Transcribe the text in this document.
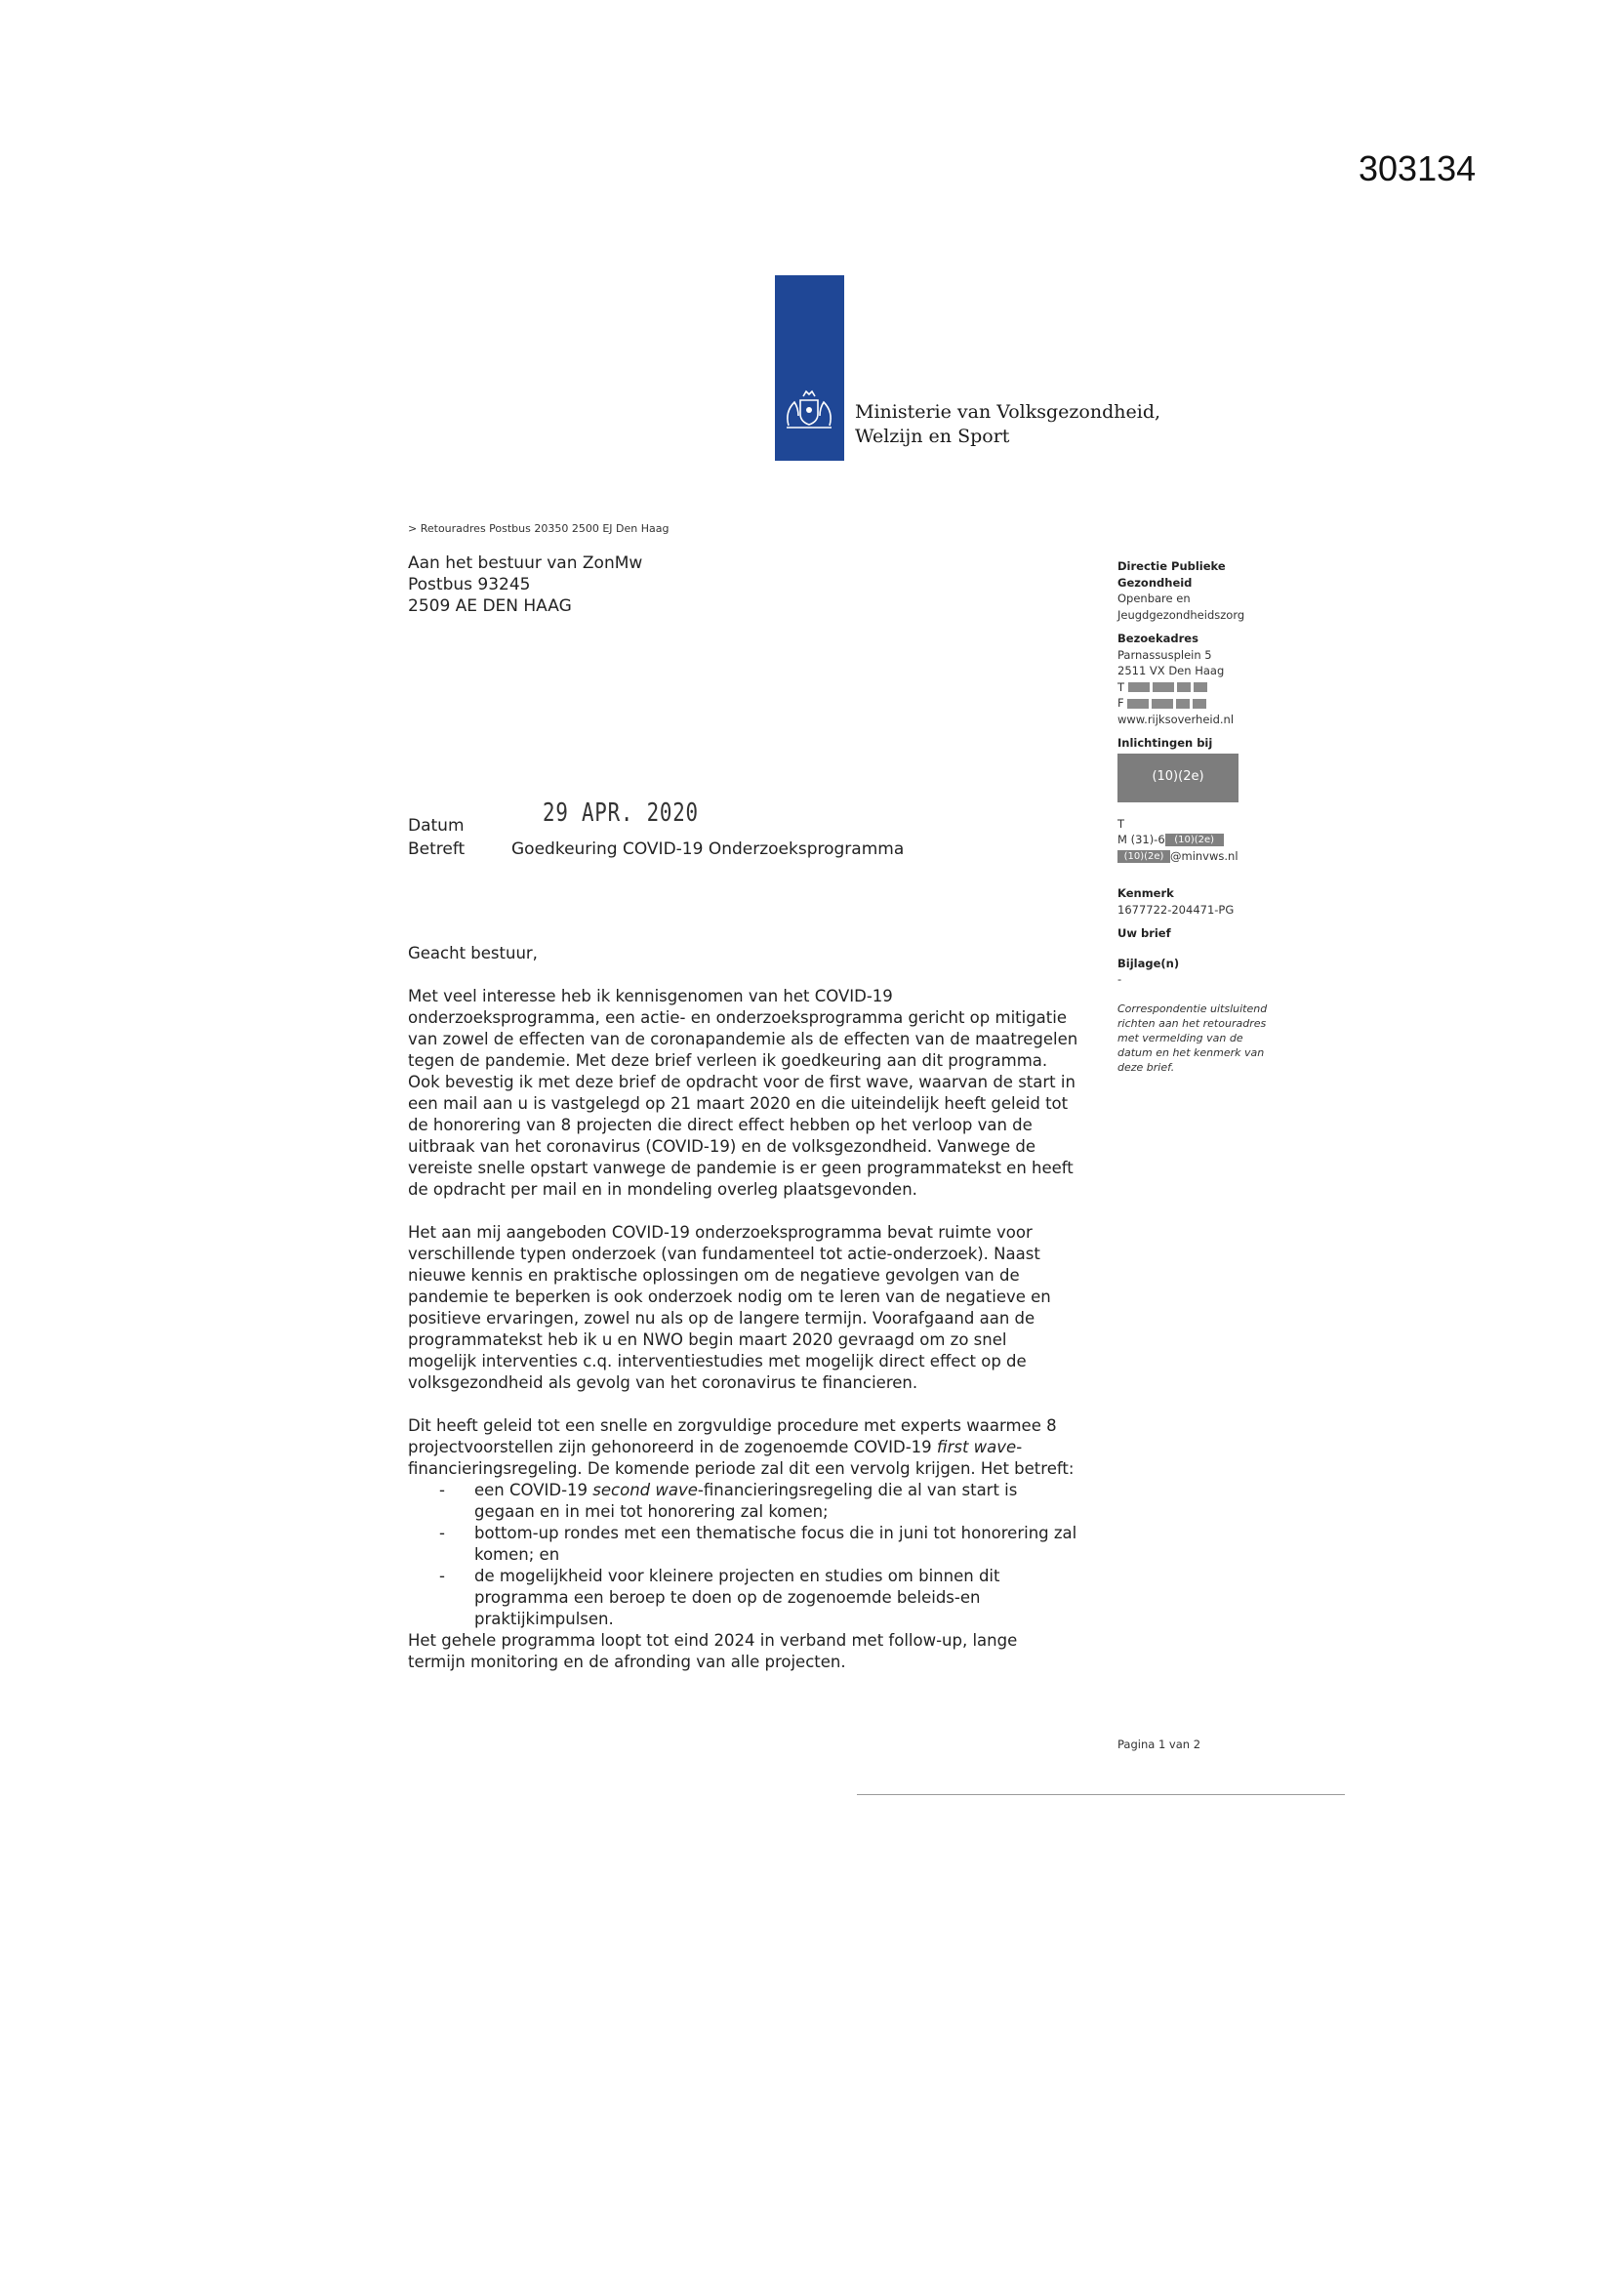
303134
Ministerie van Volksgezondheid,
Welzijn en Sport
> Retouradres Postbus 20350 2500 EJ Den Haag
Aan het bestuur van ZonMw
Postbus 93245
2509 AE DEN HAAG
Directie Publieke
Gezondheid
Openbare en
Jeugdgezondheidszorg
Bezoekadres
Parnassusplein 5
2511 VX Den Haag
T
F
www.rijksoverheid.nl
Inlichtingen bij
(10)(2e)
T
M (31)-6 (10)(2e)
(10)(2e) @minvws.nl
Kenmerk
1677722-204471-PG
Uw brief
Bijlage(n)
-
Correspondentie uitsluitend
richten aan het retouradres
met vermelding van de
datum en het kenmerk van
deze brief.
29 APR. 2020
Datum
Betreft	Goedkeuring COVID-19 Onderzoeksprogramma

Geacht bestuur,

Met veel interesse heb ik kennisgenomen van het COVID-19

onderzoeksprogramma, een actie- en onderzoeksprogramma gericht op mitigatie

van zowel de effecten van de coronapandemie als de effecten van de maatregelen

tegen de pandemie. Met deze brief verleen ik goedkeuring aan dit programma.

Ook bevestig ik met deze brief de opdracht voor de first wave, waarvan de start in

een mail aan u is vastgelegd op 21 maart 2020 en die uiteindelijk heeft geleid tot

de honorering van 8 projecten die direct effect hebben op het verloop van de

uitbraak van het coronavirus (COVID-19) en de volksgezondheid. Vanwege de

vereiste snelle opstart vanwege de pandemie is er geen programmatekst en heeft

de opdracht per mail en in mondeling overleg plaatsgevonden.

Het aan mij aangeboden COVID-19 onderzoeksprogramma bevat ruimte voor

verschillende typen onderzoek (van fundamenteel tot actie-onderzoek). Naast

nieuwe kennis en praktische oplossingen om de negatieve gevolgen van de

pandemie te beperken is ook onderzoek nodig om te leren van de negatieve en

positieve ervaringen, zowel nu als op de langere termijn. Voorafgaand aan de

programmatekst heb ik u en NWO begin maart 2020 gevraagd om zo snel

mogelijk interventies c.q. interventiestudies met mogelijk direct effect op de

volksgezondheid als gevolg van het coronavirus te financieren.

Dit heeft geleid tot een snelle en zorgvuldige procedure met experts waarmee 8

projectvoorstellen zijn gehonoreerd in de zogenoemde COVID-19 first wave-

financieringsregeling. De komende periode zal dit een vervolg krijgen. Het betreft:

-	een COVID-19 second wave-financieringsregeling die al van start is

gegaan en in mei tot honorering zal komen;

-	bottom-up rondes met een thematische focus die in juni tot honorering zal

komen; en

-	de mogelijkheid voor kleinere projecten en studies om binnen dit

programma een beroep te doen op de zogenoemde beleids-en

praktijkimpulsen.

Het gehele programma loopt tot eind 2024 in verband met follow-up, lange

termijn monitoring en de afronding van alle projecten.

Pagina 1 van 2
